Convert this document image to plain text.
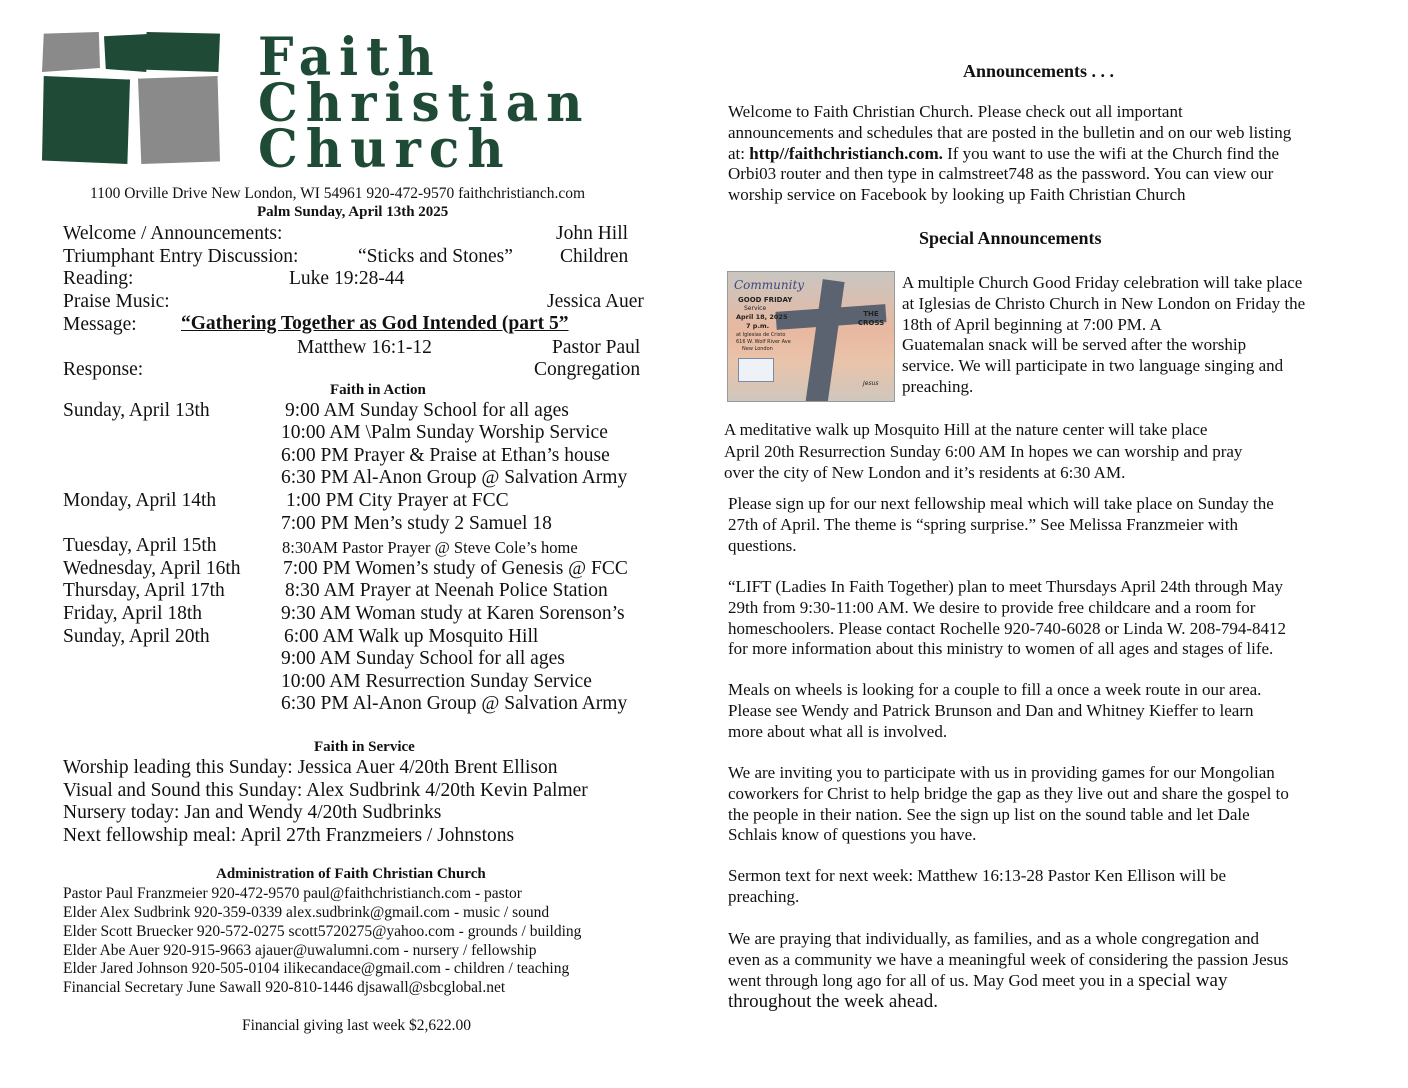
Faith
Christian
Church
1100 Orville Drive New London, WI 54961 920-472-9570 faithchristianch.com
Palm Sunday, April 13th 2025
Welcome / Announcements:	John Hill
Triumphant Entry Discussion:	“Sticks and Stones” Children
Reading:	Luke 19:28-44
Praise Music:	Jessica Auer
Message: “Gathering Together as God Intended (part 5”
Matthew 16:1-12	Pastor Paul
Response:	Congregation
Faith in Action
Sunday, April 13th	9:00 AM Sunday School for all ages
10:00 AM \Palm Sunday Worship Service
6:00 PM Prayer & Praise at Ethan’s house
6:30 PM Al-Anon Group @ Salvation Army
Monday, April 14th	1:00 PM City Prayer at FCC
7:00 PM Men’s study 2 Samuel 18
Tuesday, April 15th	8:30AM Pastor Prayer @ Steve Cole’s home
Wednesday, April 16th 7:00 PM Women’s study of Genesis @ FCC
Thursday, April 17th	8:30 AM Prayer at Neenah Police Station
Friday, April 18th	9:30 AM Woman study at Karen Sorenson’s
Sunday, April 20th	6:00 AM Walk up Mosquito Hill
9:00 AM Sunday School for all ages
10:00 AM Resurrection Sunday Service
6:30 PM Al-Anon Group @ Salvation Army
Faith in Service
Worship leading this Sunday: Jessica Auer 4/20th Brent Ellison
Visual and Sound this Sunday: Alex Sudbrink 4/20th Kevin Palmer
Nursery today: Jan and Wendy 4/20th Sudbrinks
Next fellowship meal: April 27th Franzmeiers / Johnstons
Administration of Faith Christian Church
Pastor Paul Franzmeier 920-472-9570 paul@faithchristianch.com - pastor
Elder Alex Sudbrink 920-359-0339 alex.sudbrink@gmail.com - music / sound
Elder Scott Bruecker 920-572-0275 scott5720275@yahoo.com - grounds / building
Elder Abe Auer 920-915-9663 ajauer@uwalumni.com - nursery / fellowship
Elder Jared Johnson 920-505-0104 ilikecandace@gmail.com - children / teaching
Financial Secretary June Sawall 920-810-1446 djsawall@sbcglobal.net
Financial giving last week $2,622.00
Announcements . . .
Welcome to Faith Christian Church. Please check out all important
announcements and schedules that are posted in the bulletin and on our web listing
at: http//faithchristianch.com. If you want to use the wifi at the Church find the
Orbi03 router and then type in calmstreet748 as the password. You can view our
worship service on Facebook by looking up Faith Christian Church
Special Announcements
Community
GOOD FRIDAY
Service
April 18, 2025
7 p.m.
at Iglesias de Cristo
616 W. Wolf River Ave
New London
THE CROSS
Jesus
A multiple Church Good Friday celebration will take place
at Iglesias de Christo Church in New London on Friday the
18th of April beginning at 7:00 PM. A
Guatemalan snack will be served after the worship
service. We will participate in two language singing and
preaching.
A meditative walk up Mosquito Hill at the nature center will take place
April 20th Resurrection Sunday 6:00 AM In hopes we can worship and pray
over the city of New London and it’s residents at 6:30 AM.
Please sign up for our next fellowship meal which will take place on Sunday the
27th of April. The theme is “spring surprise.” See Melissa Franzmeier with
questions.
“LIFT (Ladies In Faith Together) plan to meet Thursdays April 24th through May
29th from 9:30-11:00 AM. We desire to provide free childcare and a room for
homeschoolers. Please contact Rochelle 920-740-6028 or Linda W. 208-794-8412
for more information about this ministry to women of all ages and stages of life.
Meals on wheels is looking for a couple to fill a once a week route in our area.
Please see Wendy and Patrick Brunson and Dan and Whitney Kieffer to learn
more about what all is involved.
We are inviting you to participate with us in providing games for our Mongolian
coworkers for Christ to help bridge the gap as they live out and share the gospel to
the people in their nation. See the sign up list on the sound table and let Dale
Schlais know of questions you have.
Sermon text for next week: Matthew 16:13-28 Pastor Ken Ellison will be
preaching.
We are praying that individually, as families, and as a whole congregation and
even as a community we have a meaningful week of considering the passion Jesus
went through long ago for all of us. May God meet you in a special way
throughout the week ahead.
